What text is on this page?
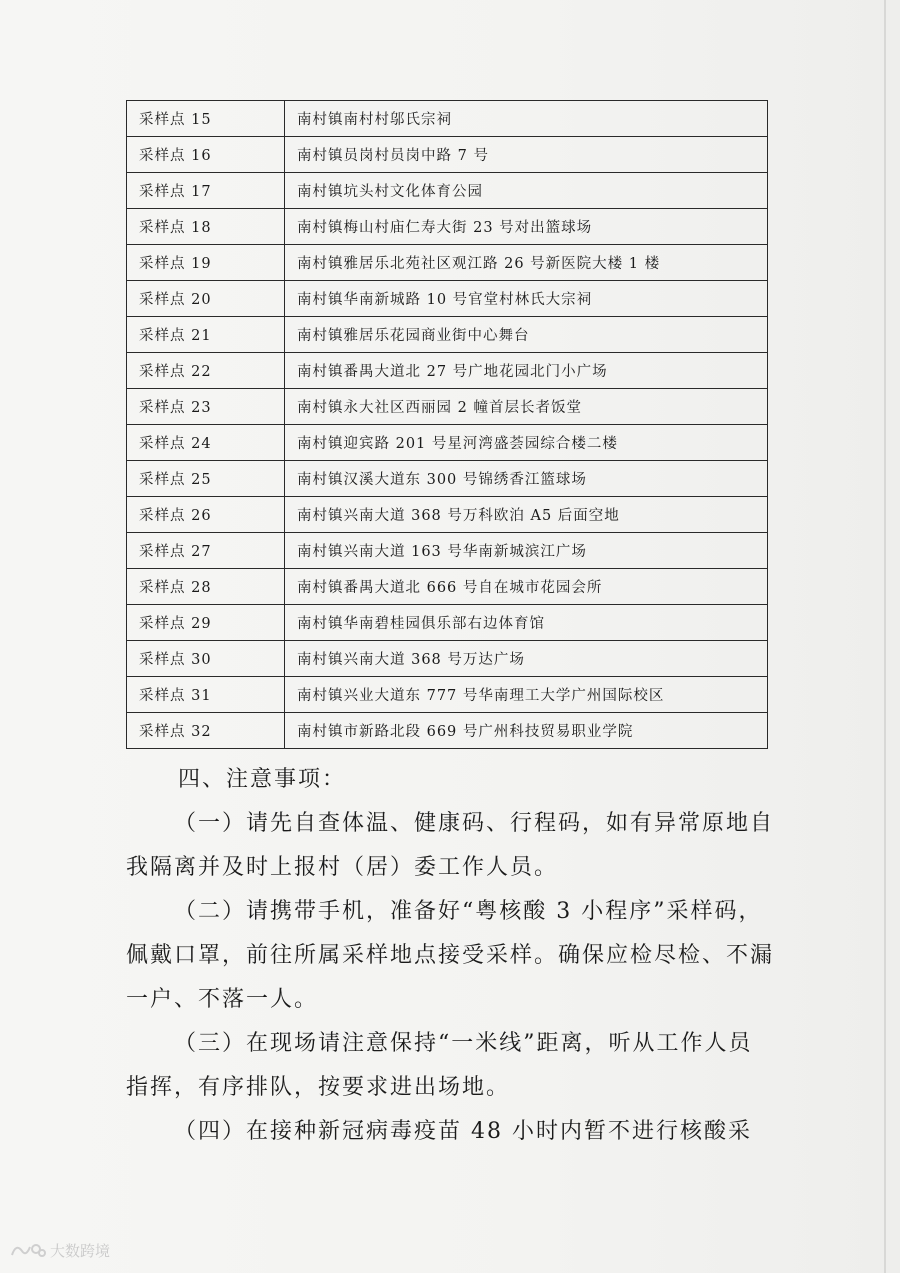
采样点 15	南村镇南村村邬氏宗祠
采样点 16	南村镇员岗村员岗中路 7 号
采样点 17	南村镇坑头村文化体育公园
采样点 18	南村镇梅山村庙仁寿大街 23 号对出篮球场
采样点 19	南村镇雅居乐北苑社区观江路 26 号新医院大楼 1 楼
采样点 20	南村镇华南新城路 10 号官堂村林氏大宗祠
采样点 21	南村镇雅居乐花园商业街中心舞台
采样点 22	南村镇番禺大道北 27 号广地花园北门小广场
采样点 23	南村镇永大社区西丽园 2 幢首层长者饭堂
采样点 24	南村镇迎宾路 201 号星河湾盛荟园综合楼二楼
采样点 25	南村镇汉溪大道东 300 号锦绣香江篮球场
采样点 26	南村镇兴南大道 368 号万科欧泊 A5 后面空地
采样点 27	南村镇兴南大道 163 号华南新城滨江广场
采样点 28	南村镇番禺大道北 666 号自在城市花园会所
采样点 29	南村镇华南碧桂园俱乐部右边体育馆
采样点 30	南村镇兴南大道 368 号万达广场
采样点 31	南村镇兴业大道东 777 号华南理工大学广州国际校区
采样点 32	南村镇市新路北段 669 号广州科技贸易职业学院

四、注意事项：

（一）请先自查体温、健康码、行程码，如有异常原地自我隔离并及时上报村（居）委工作人员。

（二）请携带手机，准备好“粤核酸 3 小程序”采样码，佩戴口罩，前往所属采样地点接受采样。确保应检尽检、不漏一户、不落一人。

（三）在现场请注意保持“一米线”距离，听从工作人员指挥，有序排队，按要求进出场地。

（四）在接种新冠病毒疫苗 48 小时内暂不进行核酸采

大数跨境
